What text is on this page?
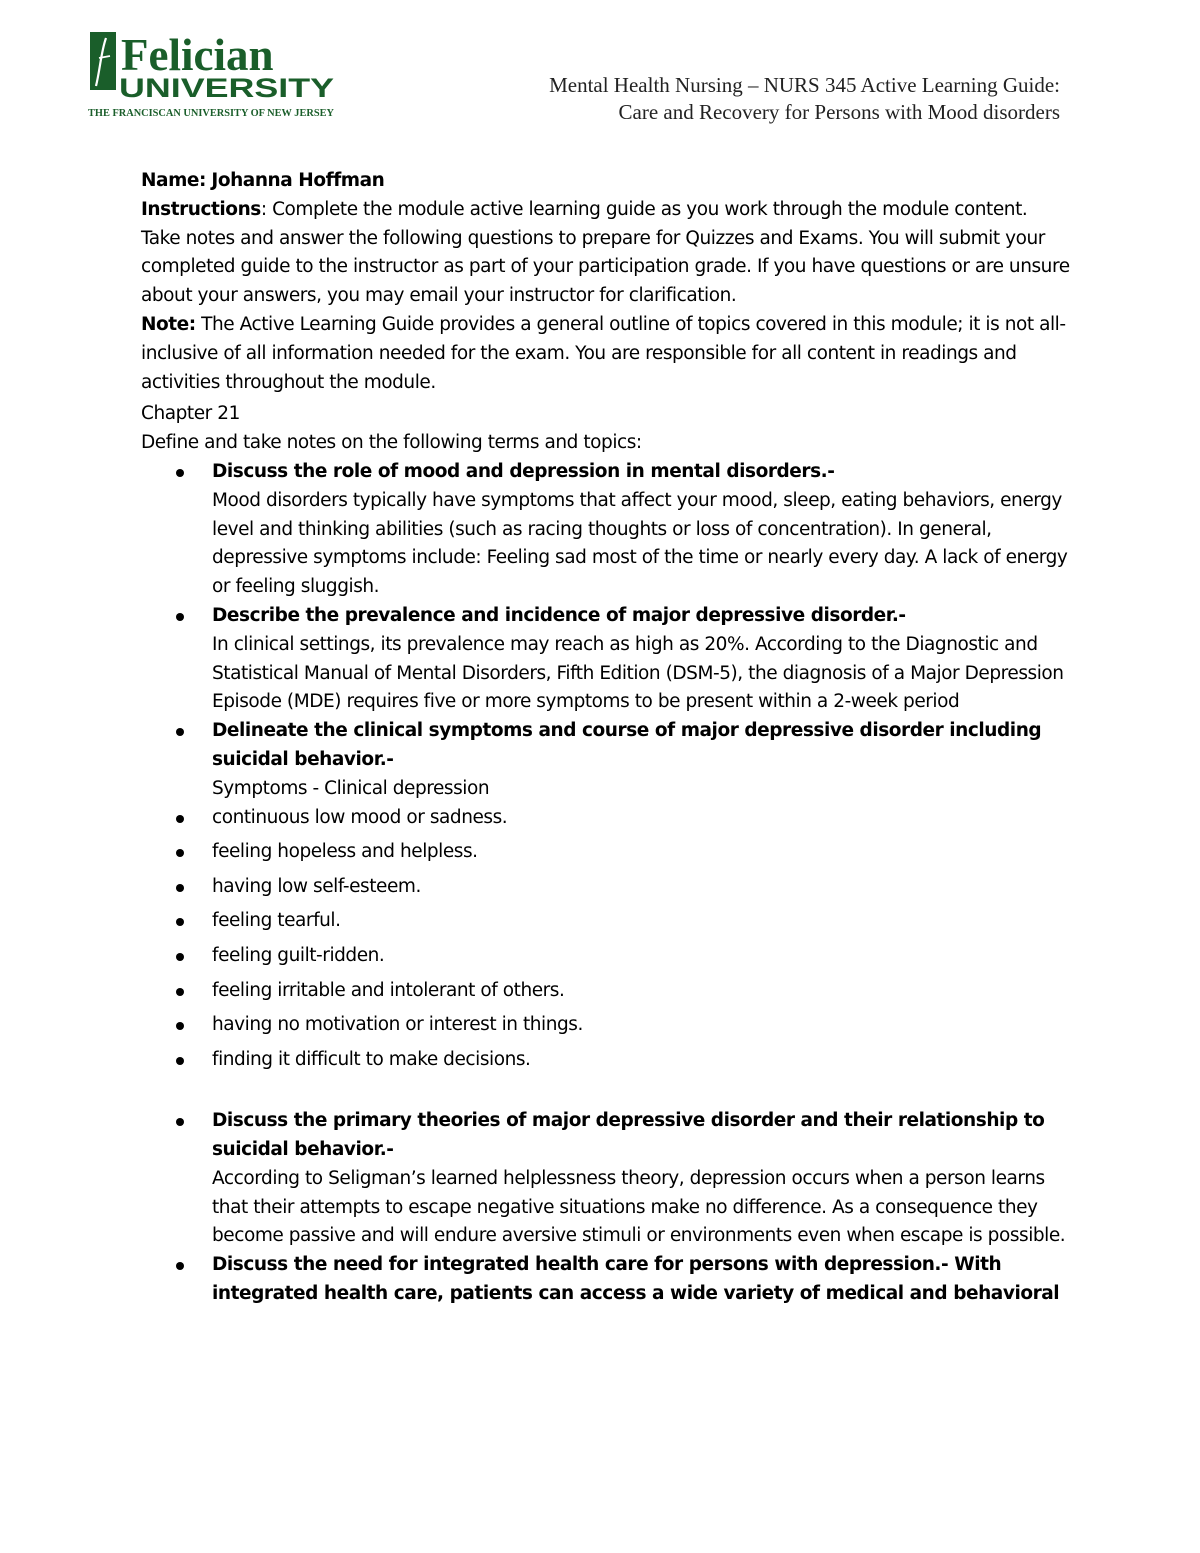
Felician
UNIVERSITY
THE FRANCISCAN UNIVERSITY OF NEW JERSEY
Mental Health Nursing – NURS 345 Active Learning Guide:
Care and Recovery for Persons with Mood disorders

Name: Johanna Hoffman

Instructions: Complete the module active learning guide as you work through the module content. Take notes and answer the following questions to prepare for Quizzes and Exams. You will submit your completed guide to the instructor as part of your participation grade. If you have questions or are unsure about your answers, you may email your instructor for clarification.

Note: The Active Learning Guide provides a general outline of topics covered in this module; it is not all-inclusive of all information needed for the exam. You are responsible for all content in readings and activities throughout the module.

Chapter 21

Define and take notes on the following terms and topics:

Discuss the role of mood and depression in mental disorders.-
Mood disorders typically have symptoms that affect your mood, sleep, eating behaviors, energy level and thinking abilities (such as racing thoughts or loss of concentration). In general, depressive symptoms include: Feeling sad most of the time or nearly every day. A lack of energy or feeling sluggish.
Describe the prevalence and incidence of major depressive disorder.-
In clinical settings, its prevalence may reach as high as 20%. According to the Diagnostic and Statistical Manual of Mental Disorders, Fifth Edition (DSM-5), the diagnosis of a Major Depression Episode (MDE) requires five or more symptoms to be present within a 2-week period
Delineate the clinical symptoms and course of major depressive disorder including suicidal behavior.-
Symptoms - Clinical depression
continuous low mood or sadness.
feeling hopeless and helpless.
having low self-esteem.
feeling tearful.
feeling guilt-ridden.
feeling irritable and intolerant of others.
having no motivation or interest in things.
finding it difficult to make decisions.
Discuss the primary theories of major depressive disorder and their relationship to suicidal behavior.-
According to Seligman’s learned helplessness theory, depression occurs when a person learns that their attempts to escape negative situations make no difference. As a consequence they become passive and will endure aversive stimuli or environments even when escape is possible.
Discuss the need for integrated health care for persons with depression.- With integrated health care, patients can access a wide variety of medical and behavioral
